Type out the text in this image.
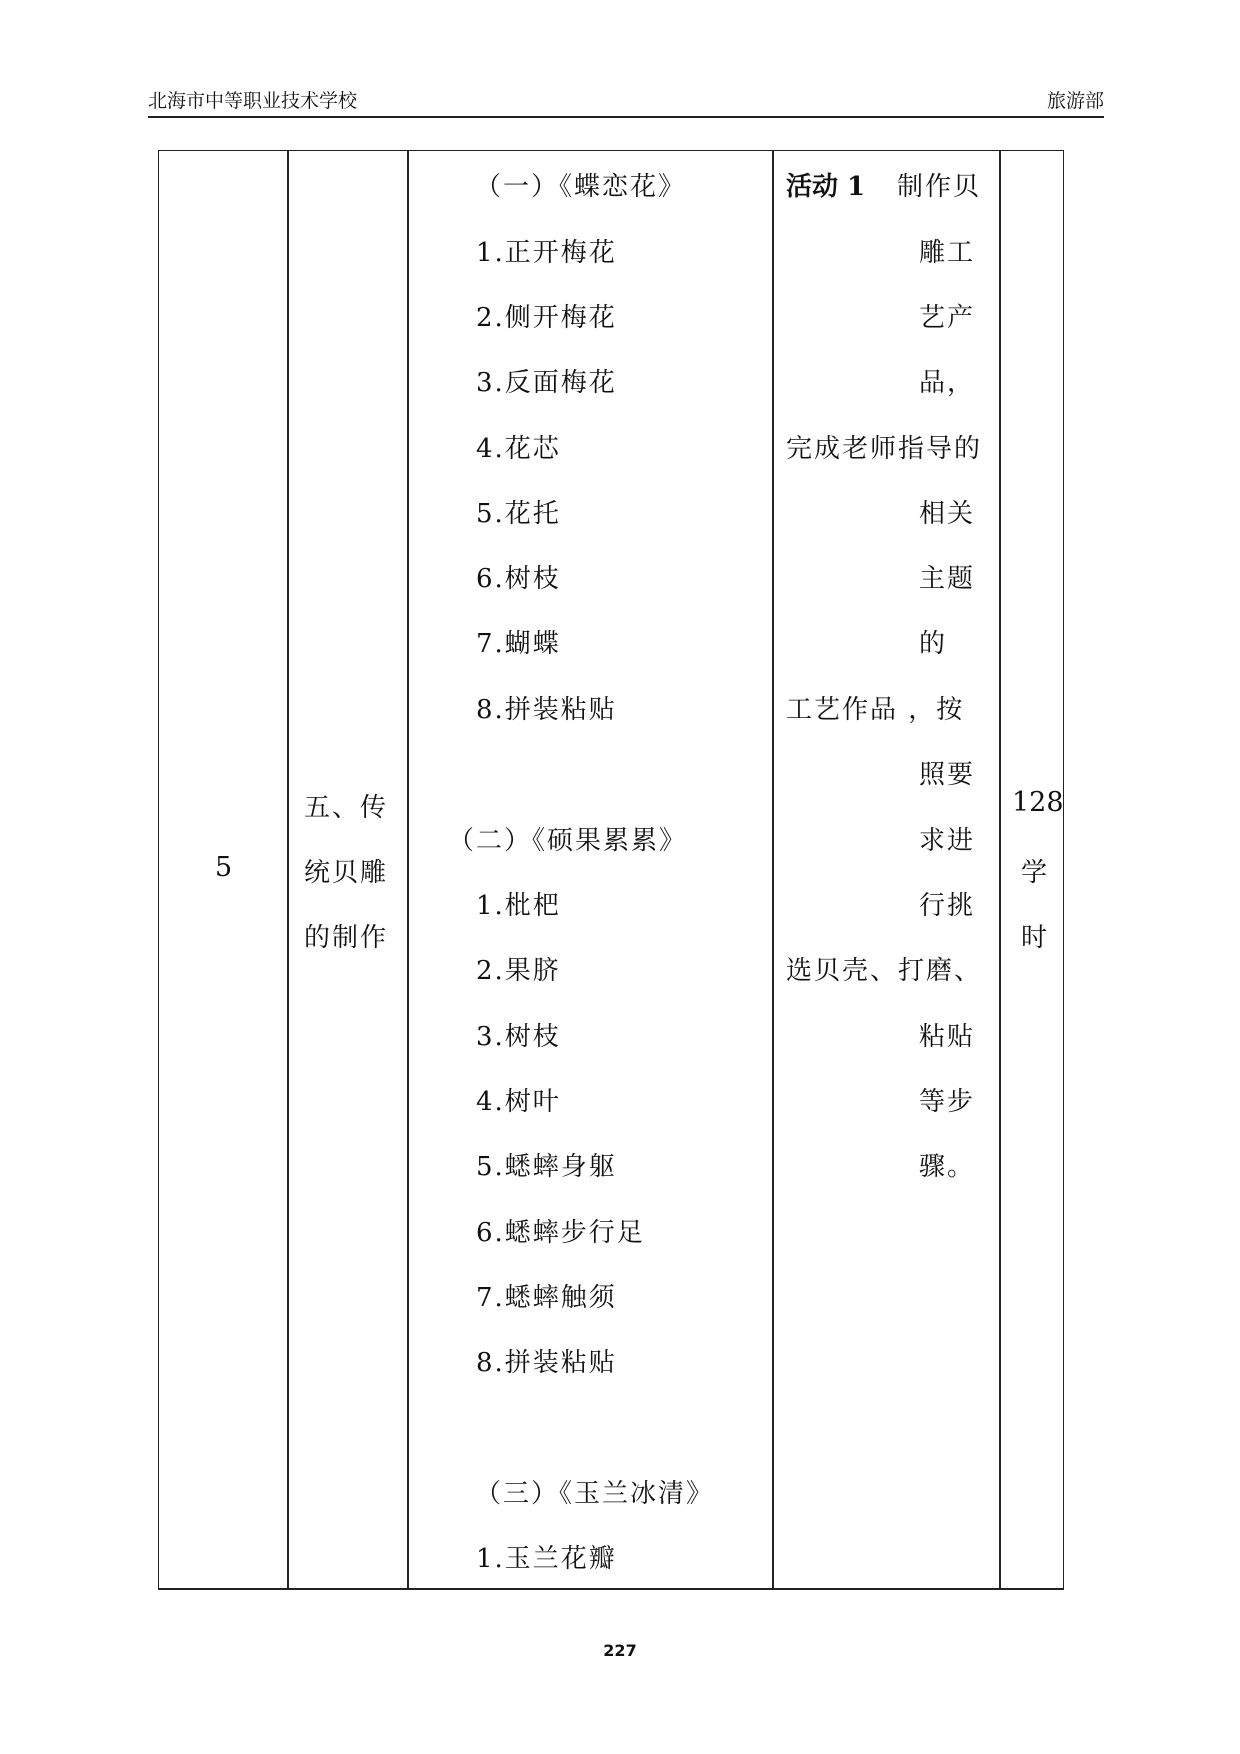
北海市中等职业技术学校	旅游部
5
五、传
统贝雕
的制作
（一）《蝶恋花》
1.正开梅花
2.侧开梅花
3.反面梅花
4.花芯
5.花托
6.树枝
7.蝴蝶
8.拼装粘贴
（二）《硕果累累》
1.枇杷
2.果脐
3.树枝
4.树叶
5.蟋蟀身躯
6.蟋蟀步行足
7.蟋蟀触须
8.拼装粘贴
（三）《玉兰冰清》
1.玉兰花瓣
活动 1 制作贝
雕工
艺产
品，
完成老师指导的
相关
主题
的
工艺作品 ，按
照要
求进
行挑
选贝壳、打磨、
粘贴
等步
骤。
128
学
时
227
